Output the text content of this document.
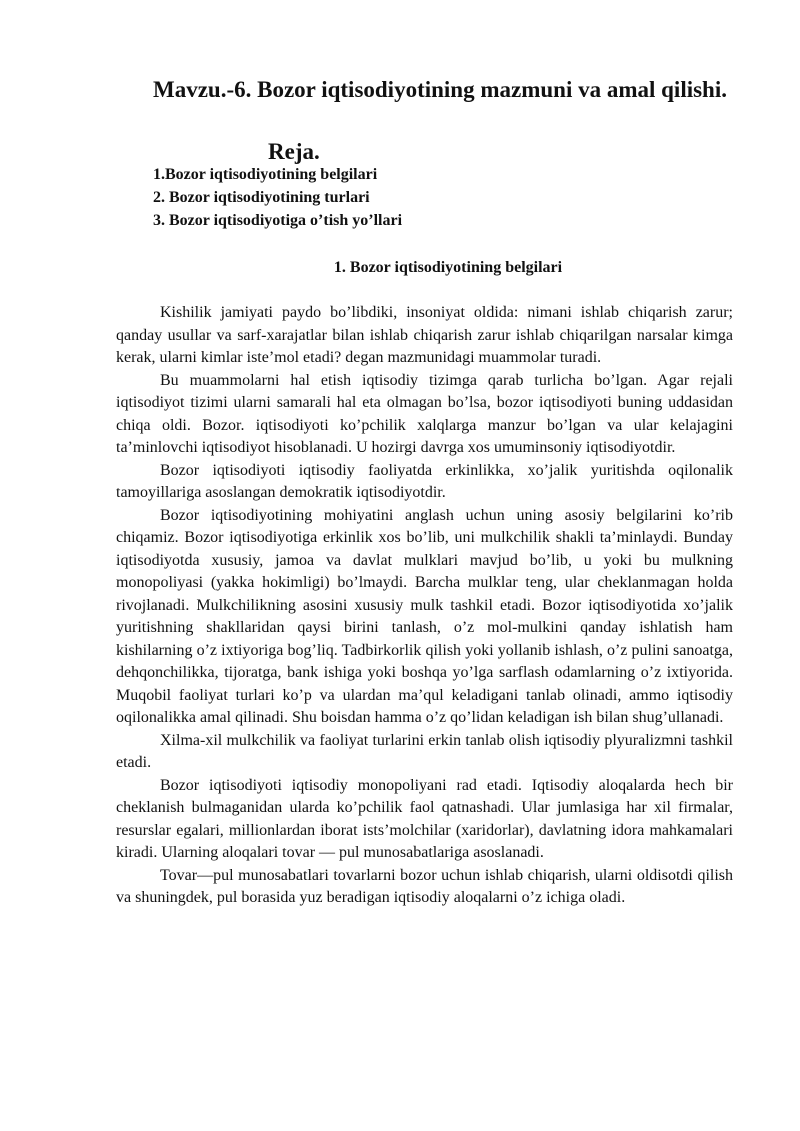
Mavzu.-6. Bozor iqtisodiyotining mazmuni va amal qilishi.
Reja.
1.Bozor iqtisodiyotining belgilari
2. Bozor iqtisodiyotining turlari
3. Bozor iqtisodiyotiga o’tish yo’llari
1. Bozor iqtisodiyotining belgilari

Kishilik jamiyati paydo bo’libdiki, insoniyat oldida: nimani ishlab chiqarish zarur; qanday usullar va sarf-xarajatlar bilan ishlab chiqarish zarur ishlab chiqarilgan narsalar kimga kerak, ularni kimlar iste’mol etadi? degan mazmunidagi muammolar turadi.

Bu muammolarni hal etish iqtisodiy tizimga qarab turlicha bo’lgan. Agar rejali iqtisodiyot tizimi ularni samarali hal eta olmagan bo’lsa, bozor iqtisodiyoti buning uddasidan chiqa oldi. Bozor. iqtisodiyoti ko’pchilik xalqlarga manzur bo’lgan va ular kelajagini ta’minlovchi iqtisodiyot hisoblanadi. U hozirgi davrga xos umuminsoniy iqtisodiyotdir.

Bozor iqtisodiyoti iqtisodiy faoliyatda erkinlikka, xo’jalik yuritishda oqilonalik tamoyillariga asoslangan demokratik iqtisodiyotdir.

Bozor iqtisodiyotining mohiyatini anglash uchun uning asosiy belgilarini ko’rib chiqamiz. Bozor iqtisodiyotiga erkinlik xos bo’lib, uni mulkchilik shakli ta’minlaydi. Bunday iqtisodiyotda xususiy, jamoa va davlat mulklari mavjud bo’lib, u yoki bu mulkning monopoliyasi (yakka hokimligi) bo’lmaydi. Barcha mulklar teng, ular cheklanmagan holda rivojlanadi. Mulkchilikning asosini xususiy mulk tashkil etadi. Bozor iqtisodiyotida xo’jalik yuritishning shakllaridan qaysi birini tanlash, o’z mol-mulkini qanday ishlatish ham kishilarning o’z ixtiyoriga bog’liq. Tadbirkorlik qilish yoki yollanib ishlash, o’z pulini sanoatga, dehqonchilikka, tijoratga, bank ishiga yoki boshqa yo’lga sarflash odamlarning o’z ixtiyorida. Muqobil faoliyat turlari ko’p va ulardan ma’qul keladigani tanlab olinadi, ammo iqtisodiy oqilonalikka amal qilinadi. Shu boisdan hamma o’z qo’lidan keladigan ish bilan shug’ullanadi.

Xilma-xil mulkchilik va faoliyat turlarini erkin tanlab olish iqtisodiy plyuralizmni tashkil etadi.

Bozor iqtisodiyoti iqtisodiy monopoliyani rad etadi. Iqtisodiy aloqalarda hech bir cheklanish bulmaganidan ularda ko’pchilik faol qatnashadi. Ular jumlasiga har xil firmalar, resurslar egalari, millionlardan iborat ists’molchilar (xaridorlar), davlatning idora mahkamalari kiradi. Ularning aloqalari tovar — pul munosabatlariga asoslanadi.

Tovar—pul munosabatlari tovarlarni bozor uchun ishlab chiqarish, ularni oldisotdi qilish va shuningdek, pul borasida yuz beradigan iqtisodiy aloqalarni o’z ichiga oladi.
